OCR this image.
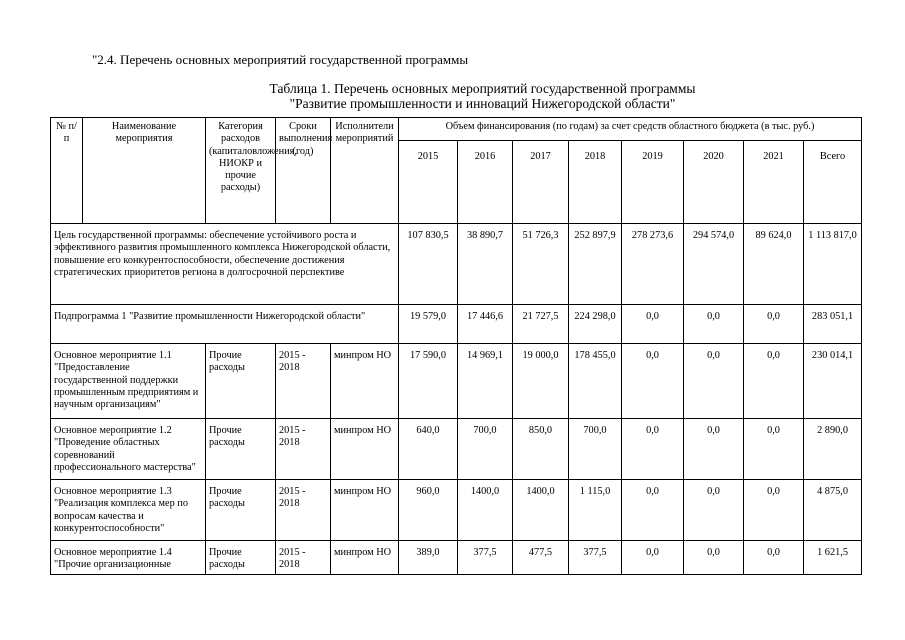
"2.4. Перечень основных мероприятий государственной программы
Таблица 1. Перечень основных мероприятий государственной программы
"Развитие промышленности и инноваций Нижегородской области"
№ п/п	Наименование мероприятия	Категория расходов (капиталовложения, НИОКР и прочие расходы)	Сроки выполнения (год)	Исполнители мероприятий	Объем финансирования (по годам) за счет средств областного бюджета (в тыс. руб.)							
					2015	2016	2017	2018	2019	2020	2021	Всего
Цель государственной программы: обеспечение устойчивого роста и эффективного развития промышленного комплекса Нижегородской области, повышение его конкурентоспособности, обеспечение достижения стратегических приоритетов региона в долгосрочной перспективе					107 830,5	38 890,7	51 726,3	252 897,9	278 273,6	294 574,0	89 624,0	1 113 817,0
Подпрограмма 1 "Развитие промышленности Нижегородской области"					19 579,0	17 446,6	21 727,5	224 298,0	0,0	0,0	0,0	283 051,1
Основное мероприятие 1.1 "Предоставление государственной поддержки промышленным предприятиям и научным организациям"		Прочие расходы	2015 - 2018	минпром НО	17 590,0	14 969,1	19 000,0	178 455,0	0,0	0,0	0,0	230 014,1
Основное мероприятие 1.2 "Проведение областных соревнований профессионального мастерства"		Прочие расходы	2015 - 2018	минпром НО	640,0	700,0	850,0	700,0	0,0	0,0	0,0	2 890,0
Основное мероприятие 1.3 "Реализация комплекса мер по вопросам качества и конкурентоспособности"		Прочие расходы	2015 - 2018	минпром НО	960,0	1400,0	1400,0	1 115,0	0,0	0,0	0,0	4 875,0
Основное мероприятие 1.4 "Прочие организационные		Прочие расходы	2015 - 2018	минпром НО	389,0	377,5	477,5	377,5	0,0	0,0	0,0	1 621,5
